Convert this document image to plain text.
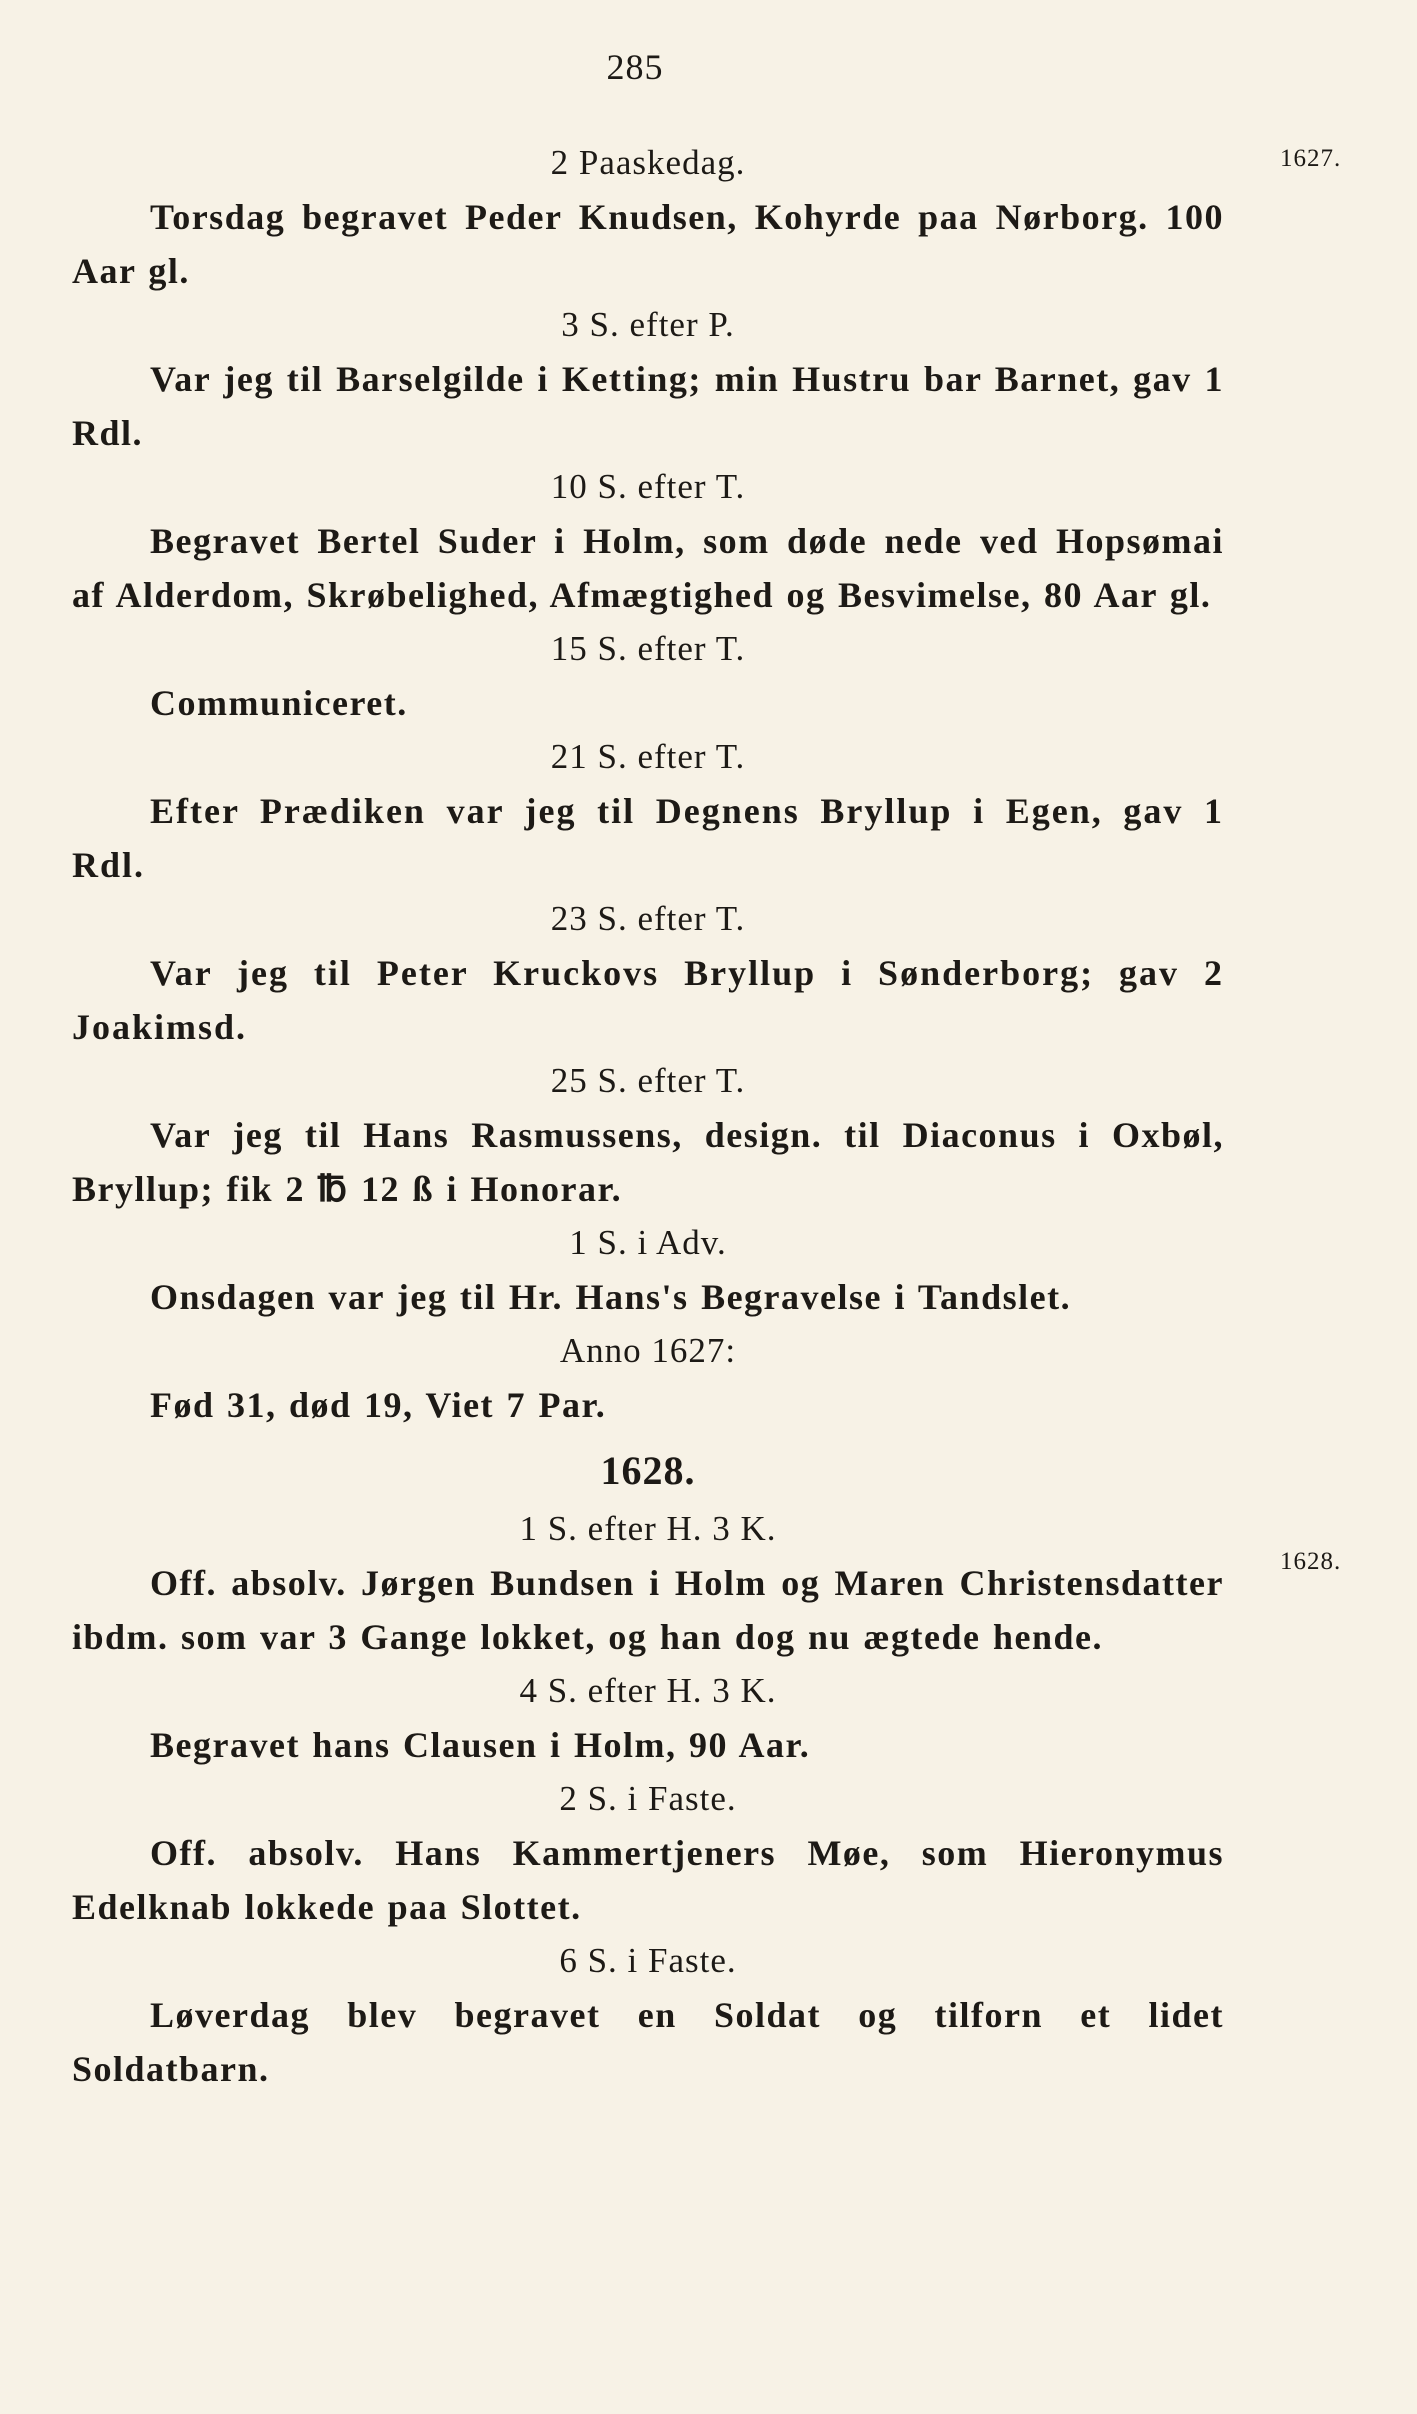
285
1627.
1628.

2 Paaskedag.

Torsdag begravet Peder Knudsen, Kohyrde paa Nørborg. 100 Aar gl.

3 S. efter P.

Var jeg til Barselgilde i Ketting; min Hustru bar Barnet, gav 1 Rdl.

10 S. efter T.

Begravet Bertel Suder i Holm, som døde nede ved Hopsømai af Alderdom, Skrøbelighed, Afmægtighed og Besvimelse, 80 Aar gl.

15 S. efter T.

Communiceret.

21 S. efter T.

Efter Prædiken var jeg til Degnens Bryllup i Egen, gav 1 Rdl.

23 S. efter T.

Var jeg til Peter Kruckovs Bryllup i Sønderborg; gav 2 Joakimsd.

25 S. efter T.

Var jeg til Hans Rasmussens, design. til Diaconus i Oxbøl, Bryllup; fik 2 ℔ 12 ß i Honorar.

1 S. i Adv.

Onsdagen var jeg til Hr. Hans's Begravelse i Tandslet.

Anno 1627:

Fød 31, død 19, Viet 7 Par.

1628.

1 S. efter H. 3 K.

Off. absolv. Jørgen Bundsen i Holm og Maren Christensdatter ibdm. som var 3 Gange lokket, og han dog nu ægtede hende.

4 S. efter H. 3 K.

Begravet hans Clausen i Holm, 90 Aar.

2 S. i Faste.

Off. absolv. Hans Kammertjeners Møe, som Hieronymus Edelknab lokkede paa Slottet.

6 S. i Faste.

Løverdag blev begravet en Soldat og tilforn et lidet Soldatbarn.
